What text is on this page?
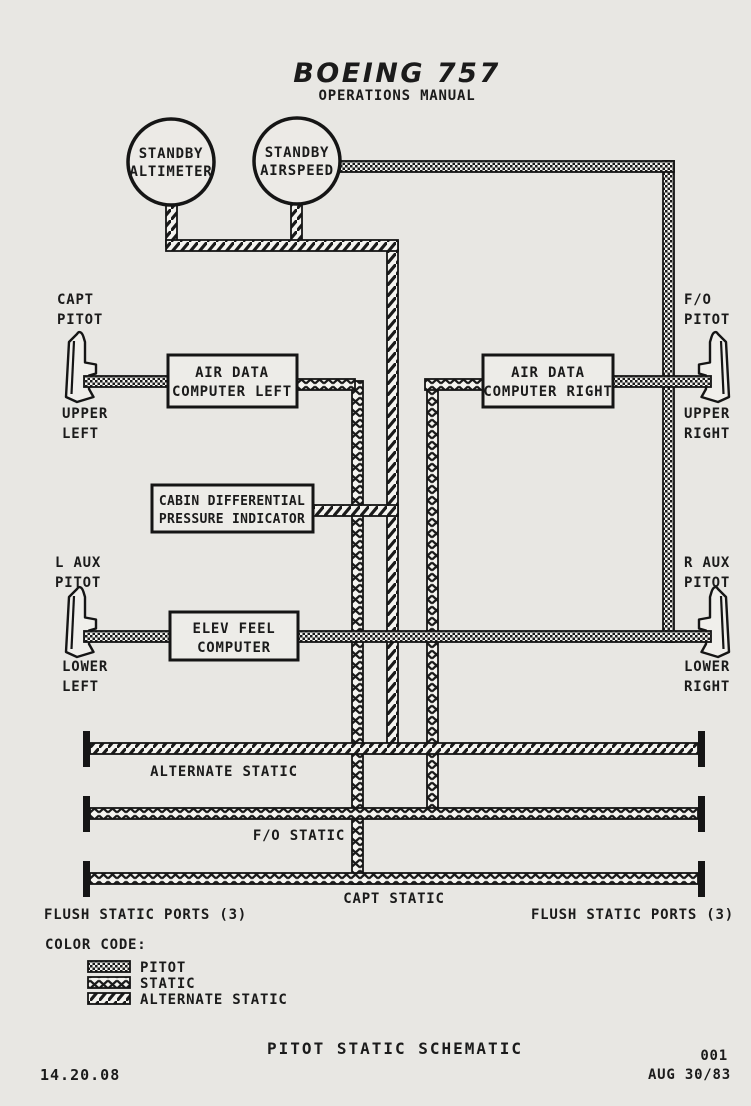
BOEING 757
OPERATIONS MANUAL
STANDBY
ALTIMETER
STANDBY
AIRSPEED
AIR DATA
COMPUTER LEFT
AIR DATA
COMPUTER RIGHT
CABIN DIFFERENTIAL
PRESSURE INDICATOR
ELEV FEEL
COMPUTER
CAPT
PITOT
F/O
PITOT
UPPER
LEFT
UPPER
RIGHT
L AUX
PITOT
R AUX
PITOT
LOWER
LEFT
LOWER
RIGHT
ALTERNATE STATIC
F/O STATIC
CAPT STATIC
FLUSH STATIC PORTS (3)	FLUSH STATIC PORTS (3)
COLOR CODE:
PITOT
STATIC
ALTERNATE STATIC
PITOT STATIC SCHEMATIC	001
14.20.08	AUG 30/83
